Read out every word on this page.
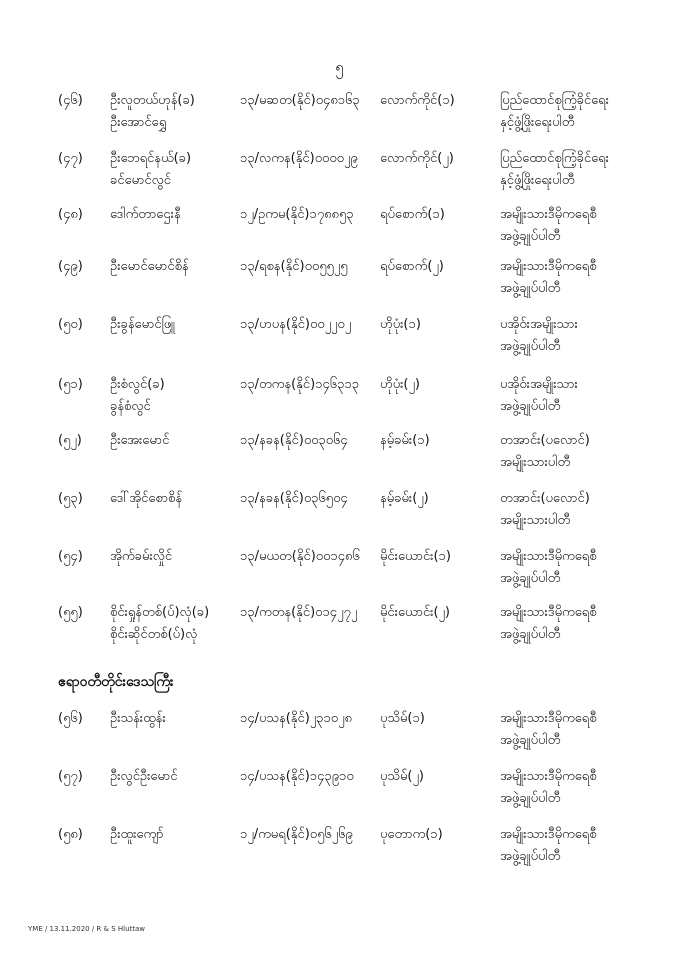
၅
(၄၆) ဦးလူတယ်ဟုန်(ခ)
ဦးအောင်ရွှေ
၁၃/မဆတ(နိုင်)၀၄၈၁၆၃ လောက်ကိုင်(၁)	ပြည်ထောင်စုကြံ့ခိုင်ရေး
နှင့်ဖွံ့ဖြိုးရေးပါတီ
(၄၇) ဦးဘေရင်နယ်(ခ)
ခင်မောင်လွင်
၁၃/လကန(နိုင်)၀၀၀၀၂၉ လောက်ကိုင်(၂)	ပြည်ထောင်စုကြံ့ခိုင်ရေး
နှင့်ဖွံ့ဖြိုးရေးပါတီ
(၄၈) ဒေါက်တာဌေးနီ	၁၂/ဥကမ(နိုင်)၁၇၈၈၅၃ ရပ်စောက်(၁)	အမျိုးသားဒီမိုကရေစီ
အဖွဲ့ချုပ်ပါတီ
(၄၉) ဦးမောင်မောင်စိန်	၁၃/ရစန(နိုင်)၀၀၅၅၂၅ ရပ်စောက်(၂)	အမျိုးသားဒီမိုကရေစီ
အဖွဲ့ချုပ်ပါတီ
(၅၀) ဦးခွန်မောင်ဖြူ	၁၃/ဟပန(နိုင်)၀၀၂၂၀၂ ဟိုပုံး(၁)	ပအိုဝ်းအမျိုးသား
အဖွဲ့ချုပ်ပါတီ
(၅၁) ဦးစံလွင်(ခ)
ခွန်စံလွင်
၁၃/တကန(နိုင်)၁၄၆၃၁၃ ဟိုပုံး(၂)	ပအိုဝ်းအမျိုးသား
အဖွဲ့ချုပ်ပါတီ
(၅၂) ဦးအေးမောင်	၁၃/နခန(နိုင်)၀၀၃၀၆၄ နမ့်ခမ်း(၁)	တအာင်း(ပလောင်)
အမျိုးသားပါတီ
(၅၃) ဒေါ်အိုင်စောစိန်	၁၃/နခန(နိုင်)၀၃၆၅၀၄ နမ့်ခမ်း(၂)	တအာင်း(ပလောင်)
အမျိုးသားပါတီ
(၅၄) အိုက်ခမ်းလှိုင်	၁၃/မယတ(နိုင်)၀၀၁၄၈၆ မိုင်းယောင်း(၁)	အမျိုးသားဒီမိုကရေစီ
အဖွဲ့ချုပ်ပါတီ
(၅၅) စိုင်းရှုန်တစ်(ပ်)လုံ(ခ)
စိုင်းဆိုင်တစ်(ပ်)လုံ
၁၃/ကတန(နိုင်)၀၁၄၂၇၂ မိုင်းယောင်း(၂)	အမျိုးသားဒီမိုကရေစီ
အဖွဲ့ချုပ်ပါတီ
ဧရာဝတီတိုင်းဒေသကြီး
(၅၆) ဦးသန်းထွန်း	၁၄/ပသန(နိုင်)၂၃၁၀၂၈ ပုသိမ်(၁)	အမျိုးသားဒီမိုကရေစီ
အဖွဲ့ချုပ်ပါတီ
(၅၇) ဦးလွင်ဦးမောင်	၁၄/ပသန(နိုင်)၁၄၃၉၁၀ ပုသိမ်(၂)	အမျိုးသားဒီမိုကရေစီ
အဖွဲ့ချုပ်ပါတီ
(၅၈) ဦးထူးကျော်	၁၂/ကမရ(နိုင်)၀၅၆၂၆၉ ပုတောက(၁)	အမျိုးသားဒီမိုကရေစီ
အဖွဲ့ချုပ်ပါတီ
YME / 13.11.2020 / R & S Hluttaw
